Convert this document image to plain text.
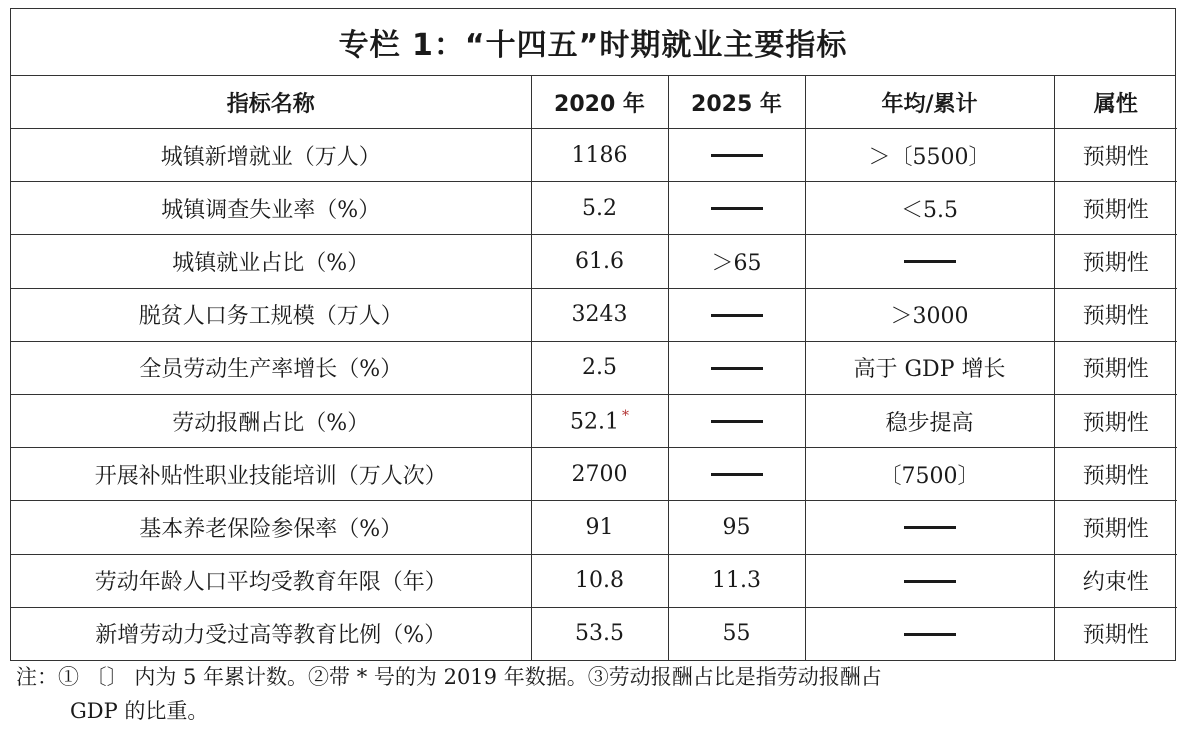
专栏 1：“十四五”时期就业主要指标
指标名称	2020 年	2025 年	年均/累计	属性
城镇新增就业（万人）	1186		＞〔5500〕	预期性
城镇调查失业率（%）	5.2		＜5.5	预期性
城镇就业占比（%）	61.6	＞65		预期性
脱贫人口务工规模（万人）	3243		＞3000	预期性
全员劳动生产率增长（%）	2.5		高于 GDP 增长	预期性
劳动报酬占比（%）	52.1 *		稳步提高	预期性
开展补贴性职业技能培训（万人次）	2700		〔7500〕	预期性
基本养老保险参保率（%）	91	95		预期性
劳动年龄人口平均受教育年限（年）	10.8	11.3		约束性
新增劳动力受过高等教育比例（%）	53.5	55		预期性
注：① 〔〕 内为 5 年累计数。②带 * 号的为 2019 年数据。③劳动报酬占比是指劳动报酬占
GDP 的比重。
